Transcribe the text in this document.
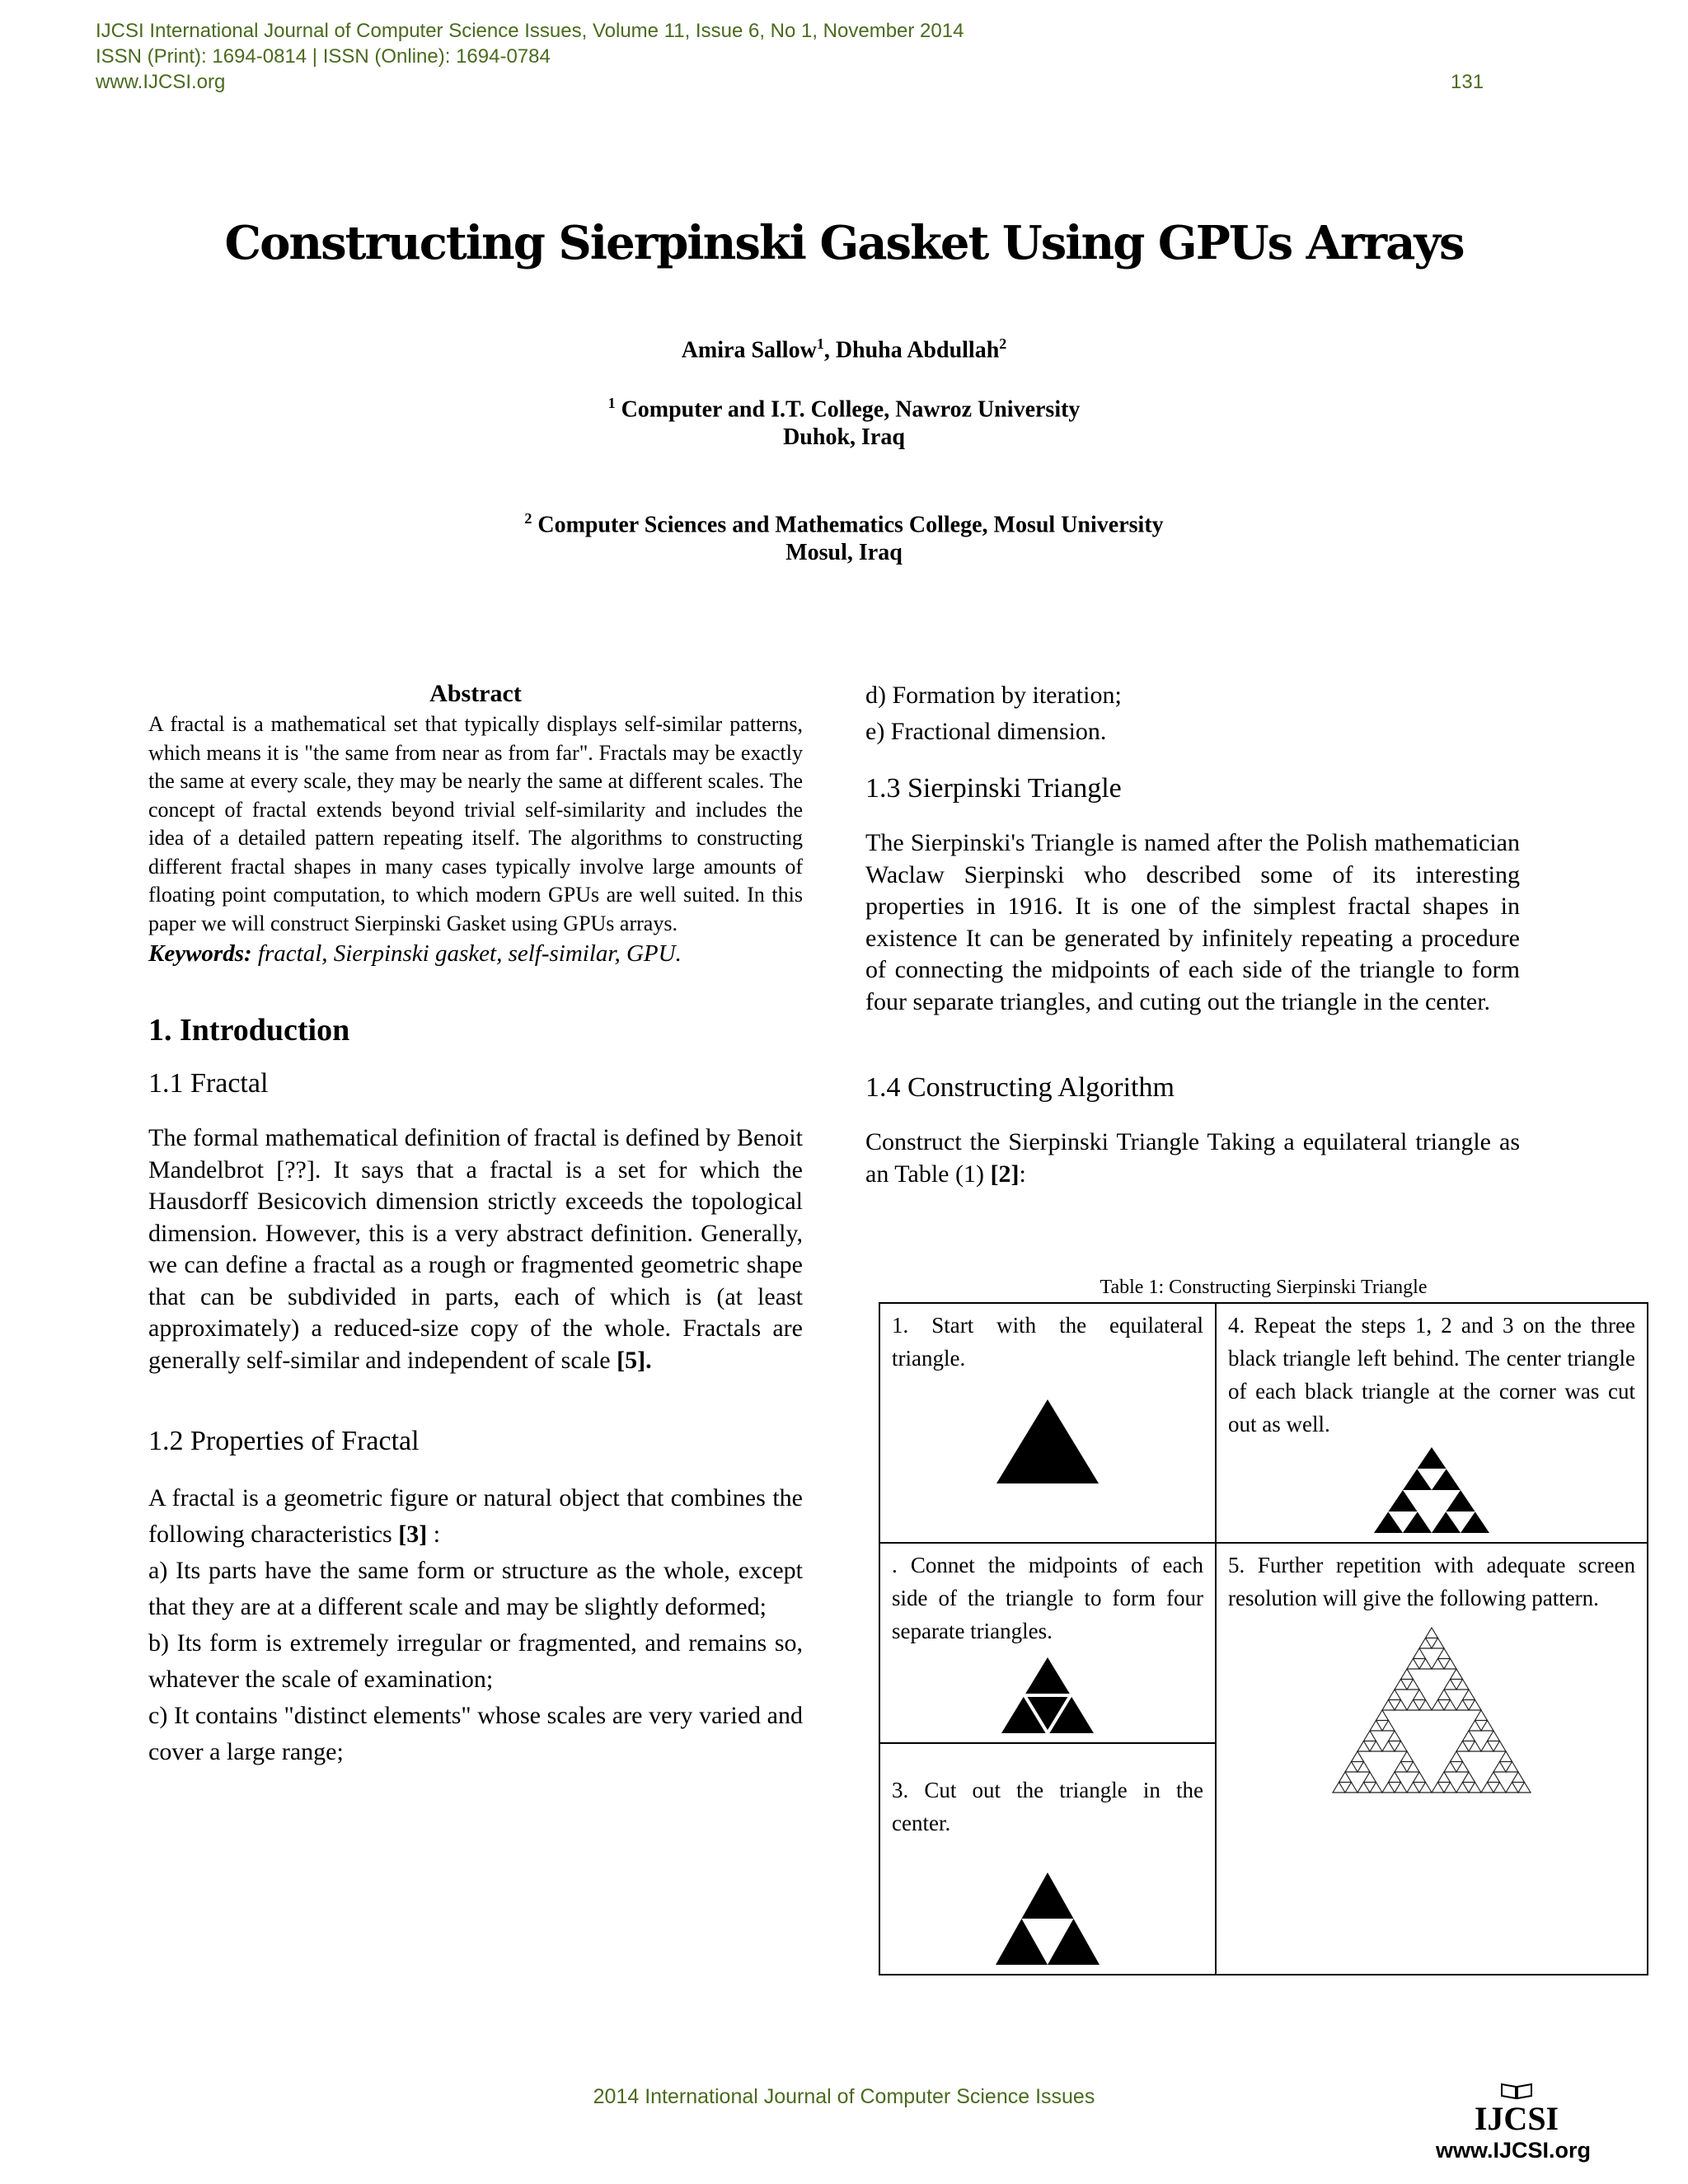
IJCSI International Journal of Computer Science Issues, Volume 11, Issue 6, No 1, November 2014
ISSN (Print): 1694-0814 | ISSN (Online): 1694-0784
www.IJCSI.org	131
Constructing Sierpinski Gasket Using GPUs Arrays
Amira Sallow$^1$, Dhuha Abdullah$^2$
$^1$ Computer and I.T. College, Nawroz University
Duhok, Iraq
$^2$ Computer Sciences and Mathematics College, Mosul University
Mosul, Iraq
Abstract
A fractal is a mathematical set that typically displays self-similar patterns, which means it is "the same from near as from far". Fractals may be exactly the same at every scale, they may be nearly the same at different scales. The concept of fractal extends beyond trivial self-similarity and includes the idea of a detailed pattern repeating itself. The algorithms to constructing different fractal shapes in many cases typically involve large amounts of floating point computation, to which modern GPUs are well suited. In this paper we will construct Sierpinski Gasket using GPUs arrays.
Keywords: fractal, Sierpinski gasket, self-similar, GPU.
1. Introduction
1.1 Fractal
The formal mathematical definition of fractal is defined by Benoit Mandelbrot [??]. It says that a fractal is a set for which the Hausdorff Besicovich dimension strictly exceeds the topological dimension. However, this is a very abstract definition. Generally, we can define a fractal as a rough or fragmented geometric shape that can be subdivided in parts, each of which is (at least approximately) a reduced-size copy of the whole. Fractals are generally self-similar and independent of scale [5].
1.2 Properties of Fractal
A fractal is a geometric figure or natural object that combines the following characteristics [3] :
a) Its parts have the same form or structure as the whole, except that they are at a different scale and may be slightly deformed;
b) Its form is extremely irregular or fragmented, and remains so, whatever the scale of examination;
c) It contains "distinct elements" whose scales are very varied and cover a large range;
d) Formation by iteration;
e) Fractional dimension.
1.3 Sierpinski Triangle
The Sierpinski's Triangle is named after the Polish mathematician Waclaw Sierpinski who described some of its interesting properties in 1916. It is one of the simplest fractal shapes in existence It can be generated by infinitely repeating a procedure of connecting the midpoints of each side of the triangle to form four separate triangles, and cuting out the triangle in the center.
1.4 Constructing Algorithm
Construct the Sierpinski Triangle Taking a equilateral triangle as an Table (1) [2]:
Table 1: Constructing Sierpinski Triangle
1. Start with the equilateral triangle.	4. Repeat the steps 1, 2 and 3 on the three black triangle left behind. The center triangle of each black triangle at the corner was cut out as well.

. Connet the midpoints of each side of the triangle to form four separate triangles.	5. Further repetition with adequate screen resolution will give the following pattern.

3. Cut out the triangle in the center.	
2014 International Journal of Computer Science Issues
IJCSI
www.IJCSI.org
